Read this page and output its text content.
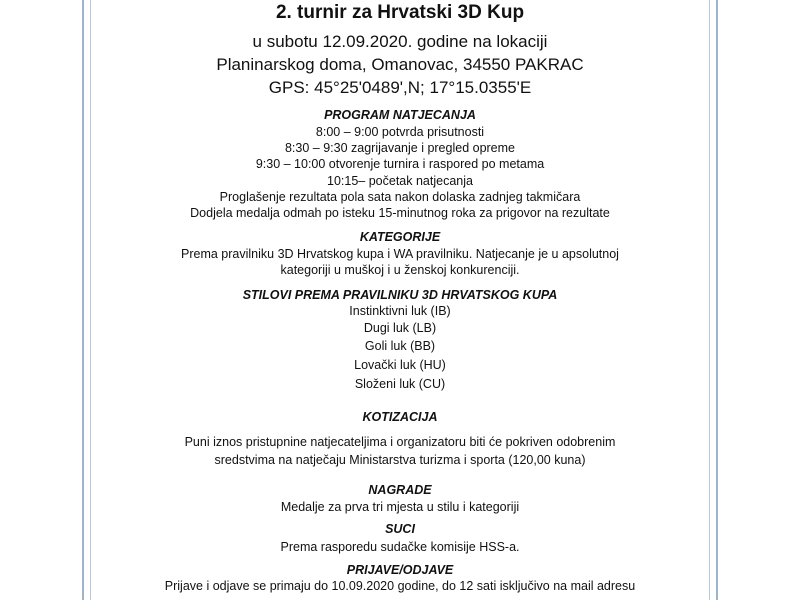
2. turnir za Hrvatski 3D Kup
u subotu 12.09.2020. godine na lokaciji
Planinarskog doma, Omanovac, 34550 PAKRAC
GPS: 45°25'0489',N; 17°15.0355'E
PROGRAM NATJECANJA
8:00 – 9:00 potvrda prisutnosti
8:30 – 9:30 zagrijavanje i pregled opreme
9:30 – 10:00 otvorenje turnira i raspored po metama
10:15– početak natjecanja
Proglašenje rezultata pola sata nakon dolaska zadnjeg takmičara
Dodjela medalja odmah po isteku 15-minutnog roka za prigovor na rezultate
KATEGORIJE
Prema pravilniku 3D Hrvatskog kupa i WA pravilniku. Natjecanje je u apsolutnoj
kategoriji u muškoj i u ženskoj konkurenciji.
STILOVI PREMA PRAVILNIKU 3D HRVATSKOG KUPA
Instinktivni luk (IB)
Dugi luk (LB)
Goli luk (BB)
Lovački luk (HU)
Složeni luk (CU)
KOTIZACIJA
Puni iznos pristupnine natjecateljima i organizatoru biti će pokriven odobrenim
sredstvima na natječaju Ministarstva turizma i sporta (120,00 kuna)
NAGRADE
Medalje za prva tri mjesta u stilu i kategoriji
SUCI
Prema rasporedu sudačke komisije HSS-a.
PRIJAVE/ODJAVE
Prijave i odjave se primaju do 10.09.2020 godine, do 12 sati isključivo na mail adresu
